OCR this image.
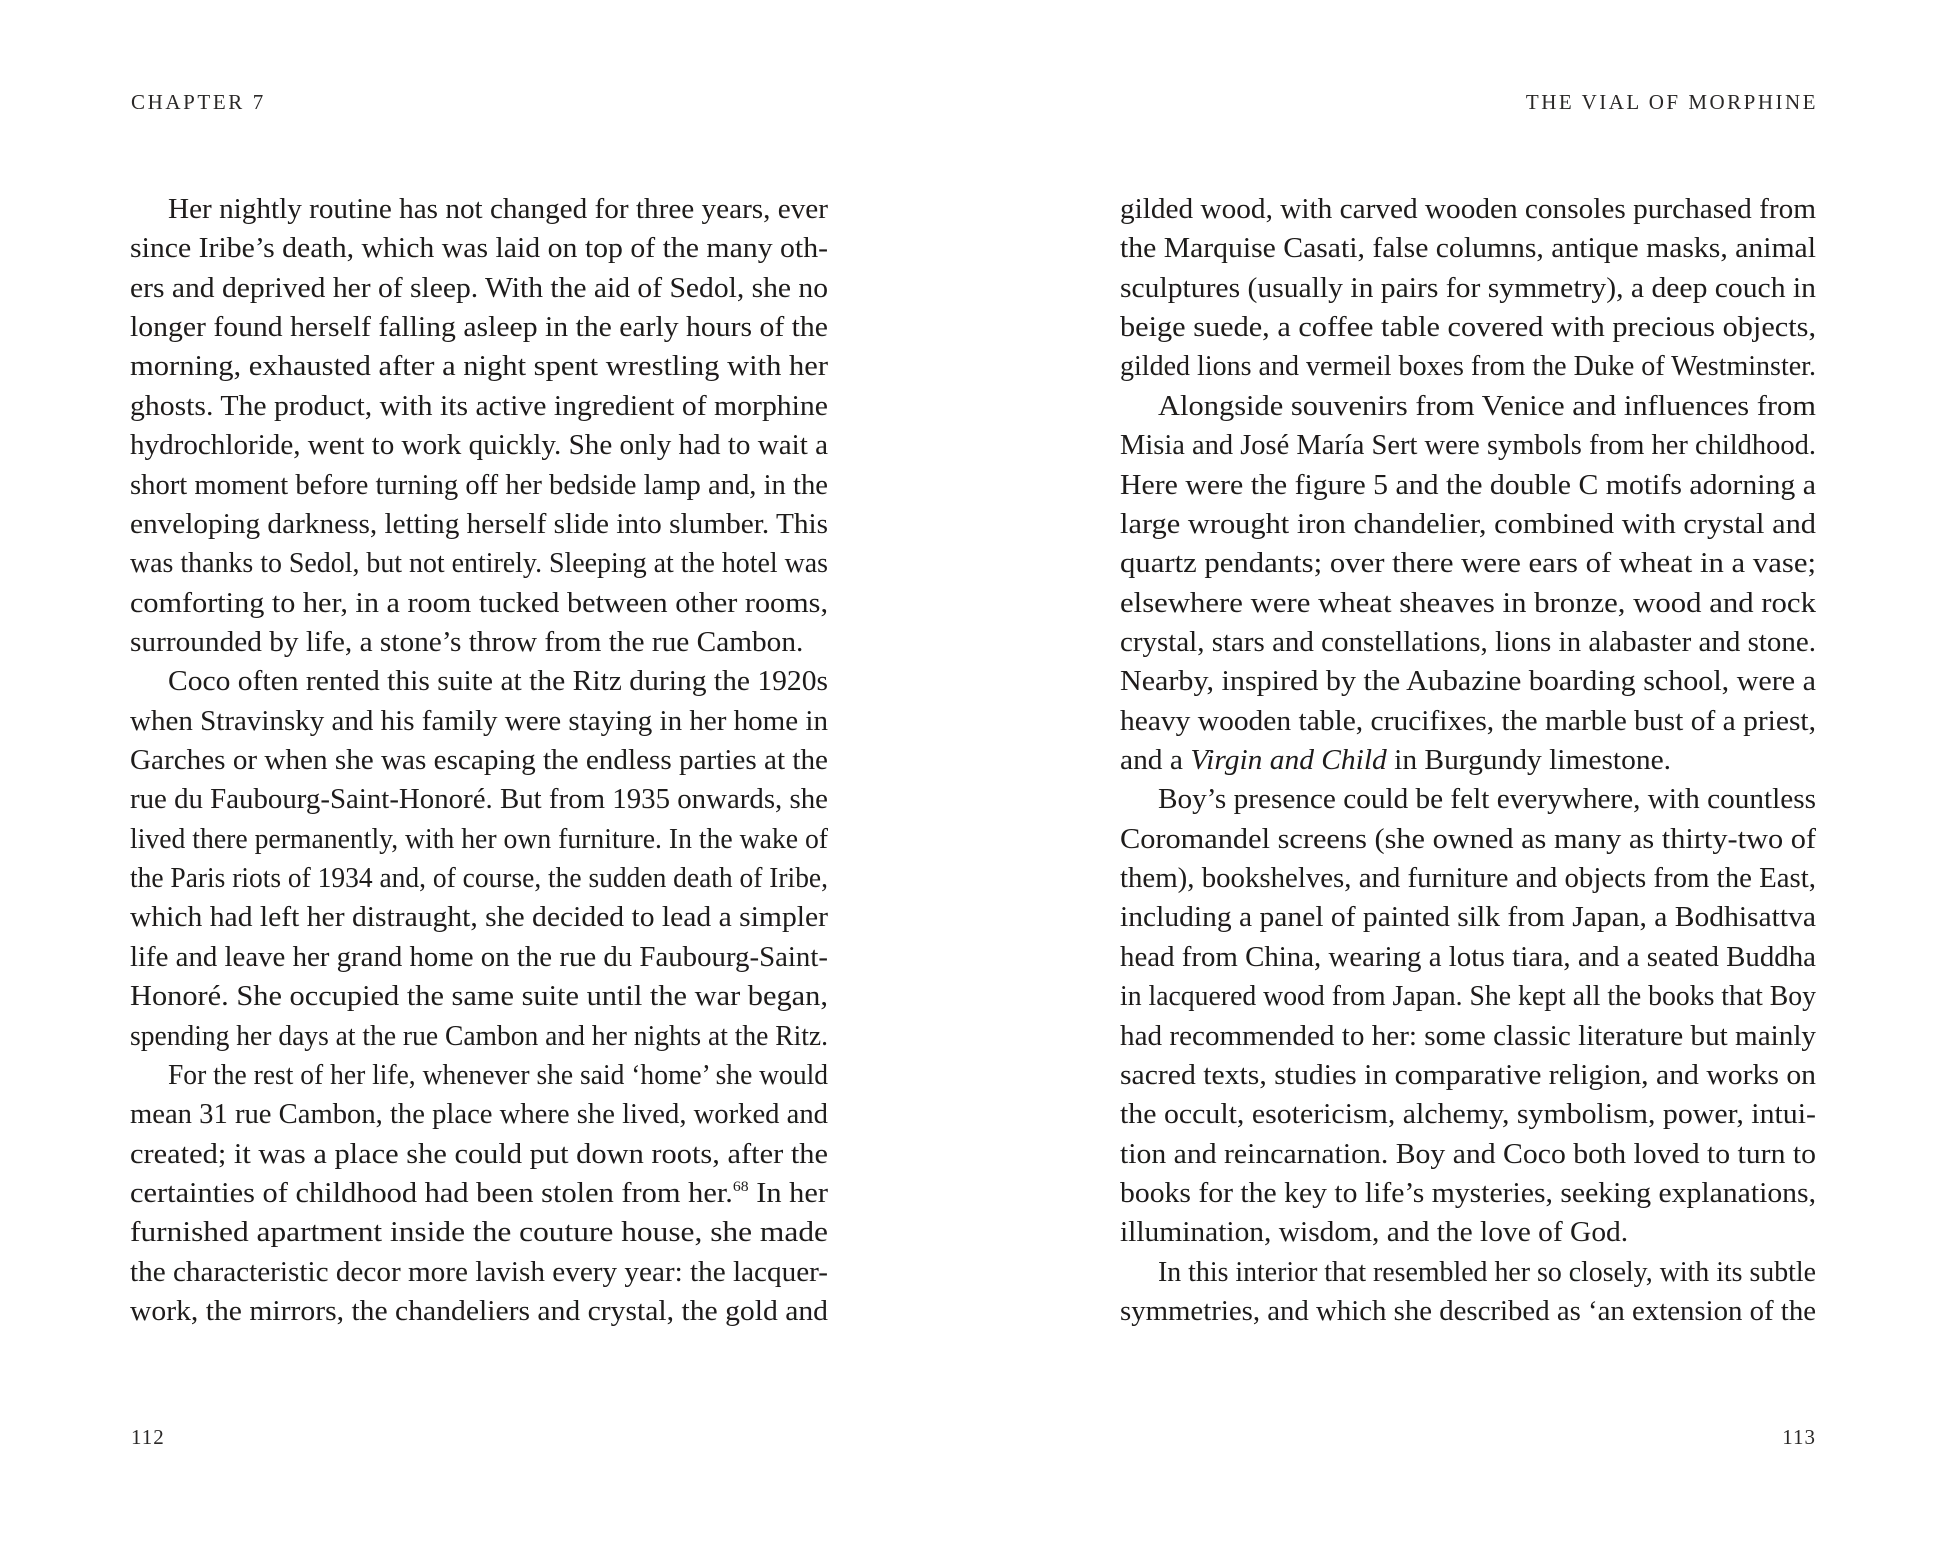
CHAPTER 7	THE VIAL OF MORPHINE
Her nightly routine has not changed for three years, ever
since Iribe’s death, which was laid on top of the many oth-
ers and deprived her of sleep. With the aid of Sedol, she no
longer found herself falling asleep in the early hours of the
morning, exhausted after a night spent wrestling with her
ghosts. The product, with its active ingredient of morphine
hydrochloride, went to work quickly. She only had to wait a
short moment before turning off her bedside lamp and, in the
enveloping darkness, letting herself slide into slumber. This
was thanks to Sedol, but not entirely. Sleeping at the hotel was
comforting to her, in a room tucked between other rooms,
surrounded by life, a stone’s throw from the rue Cambon.
Coco often rented this suite at the Ritz during the 1920s
when Stravinsky and his family were staying in her home in
Garches or when she was escaping the endless parties at the
rue du Faubourg-Saint-Honoré. But from 1935 onwards, she
lived there permanently, with her own furniture. In the wake of
the Paris riots of 1934 and, of course, the sudden death of Iribe,
which had left her distraught, she decided to lead a simpler
life and leave her grand home on the rue du Faubourg-Saint-
Honoré. She occupied the same suite until the war began,
spending her days at the rue Cambon and her nights at the Ritz.
For the rest of her life, whenever she said ‘home’ she would
mean 31 rue Cambon, the place where she lived, worked and
created; it was a place she could put down roots, after the
certainties of childhood had been stolen from her.$^{68}$ In her
furnished apartment inside the couture house, she made
the characteristic decor more lavish every year: the lacquer-
work, the mirrors, the chandeliers and crystal, the gold and
gilded wood, with carved wooden consoles purchased from
the Marquise Casati, false columns, antique masks, animal
sculptures (usually in pairs for symmetry), a deep couch in
beige suede, a coffee table covered with precious objects,
gilded lions and vermeil boxes from the Duke of Westminster.
Alongside souvenirs from Venice and influences from
Misia and José María Sert were symbols from her childhood.
Here were the figure 5 and the double C motifs adorning a
large wrought iron chandelier, combined with crystal and
quartz pendants; over there were ears of wheat in a vase;
elsewhere were wheat sheaves in bronze, wood and rock
crystal, stars and constellations, lions in alabaster and stone.
Nearby, inspired by the Aubazine boarding school, were a
heavy wooden table, crucifixes, the marble bust of a priest,
and a Virgin and Child in Burgundy limestone.
Boy’s presence could be felt everywhere, with countless
Coromandel screens (she owned as many as thirty-two of
them), bookshelves, and furniture and objects from the East,
including a panel of painted silk from Japan, a Bodhisattva
head from China, wearing a lotus tiara, and a seated Buddha
in lacquered wood from Japan. She kept all the books that Boy
had recommended to her: some classic literature but mainly
sacred texts, studies in comparative religion, and works on
the occult, esotericism, alchemy, symbolism, power, intui-
tion and reincarnation. Boy and Coco both loved to turn to
books for the key to life’s mysteries, seeking explanations,
illumination, wisdom, and the love of God.
In this interior that resembled her so closely, with its subtle
symmetries, and which she described as ‘an extension of the
112	113
